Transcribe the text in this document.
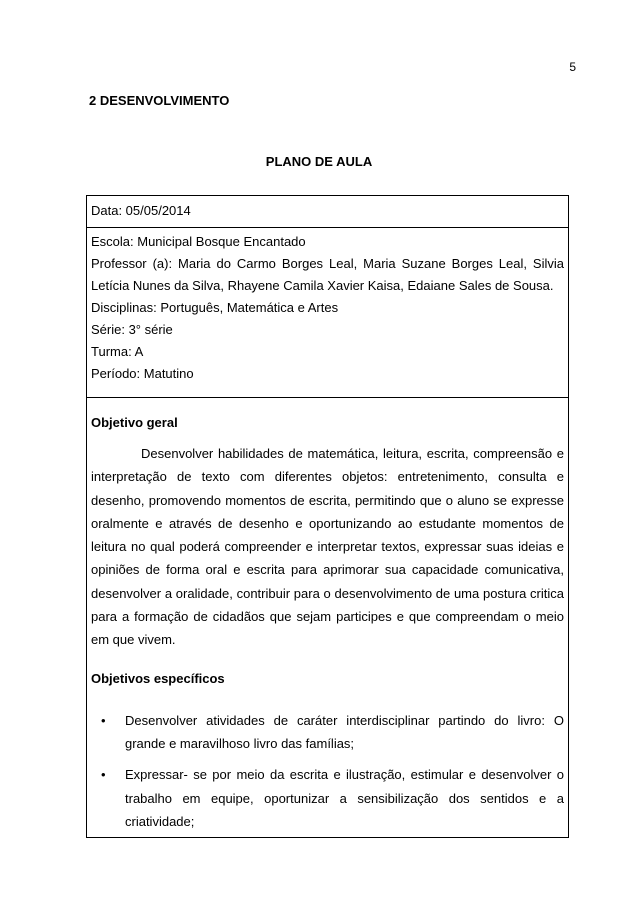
5
2 DESENVOLVIMENTO
PLANO DE AULA
Data: 05/05/2014
Escola: Municipal Bosque Encantado
Professor (a): Maria do Carmo Borges Leal, Maria Suzane Borges Leal, Silvia
Letícia Nunes da Silva, Rhayene Camila Xavier Kaisa, Edaiane Sales de Sousa.
Disciplinas: Português, Matemática e Artes
Série: 3° série
Turma: A
Período: Matutino
Objetivo geral
Desenvolver habilidades de matemática, leitura, escrita, compreensão e interpretação de texto com diferentes objetos: entretenimento, consulta e desenho, promovendo momentos de escrita, permitindo que o aluno se expresse oralmente e através de desenho e oportunizando ao estudante momentos de leitura no qual poderá compreender e interpretar textos, expressar suas ideias e opiniões de forma oral e escrita para aprimorar sua capacidade comunicativa, desenvolver a oralidade, contribuir para o desenvolvimento de uma postura critica para a formação de cidadãos que sejam participes e que compreendam o meio em que vivem.
Objetivos específicos
• Desenvolver atividades de caráter interdisciplinar partindo do livro: O grande e maravilhoso livro das famílias;
• Expressar- se por meio da escrita e ilustração, estimular e desenvolver o trabalho em equipe, oportunizar a sensibilização dos sentidos e a criatividade;
